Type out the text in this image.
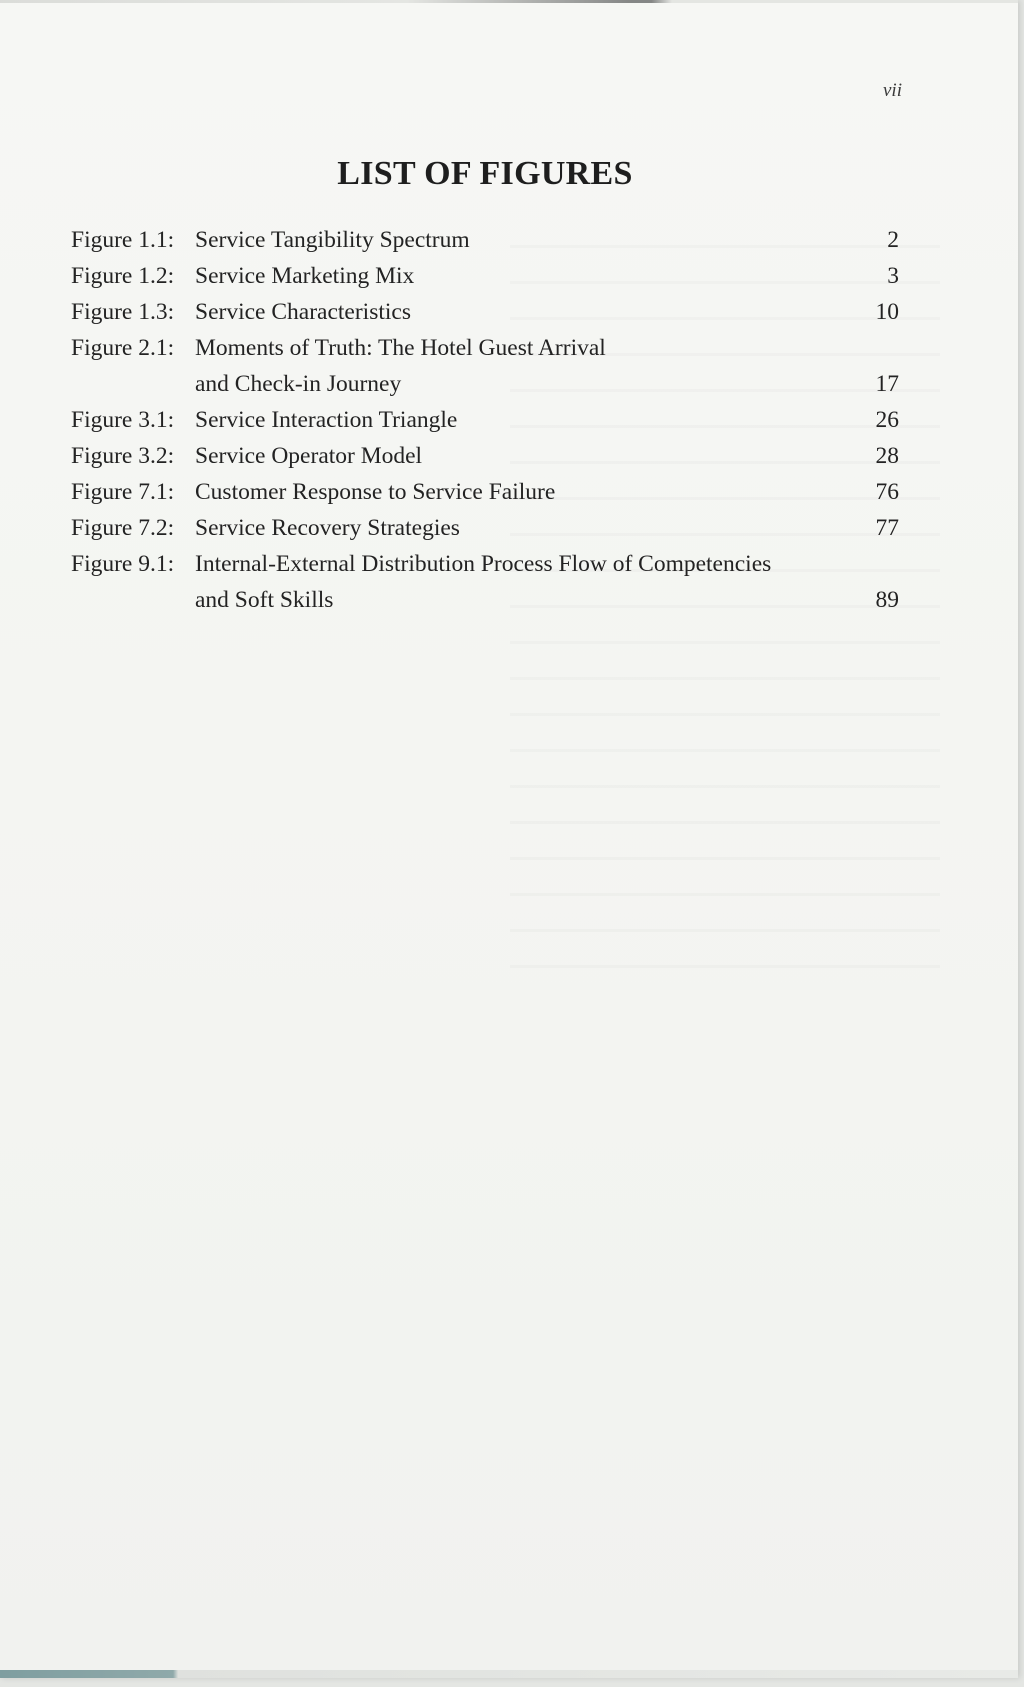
vii
LIST OF FIGURES
Figure 1.1: Service Tangibility Spectrum	2
Figure 1.2: Service Marketing Mix	3
Figure 1.3: Service Characteristics	10
Figure 2.1: Moments of Truth: The Hotel Guest Arrival
and Check-in Journey	17
Figure 3.1: Service Interaction Triangle	26
Figure 3.2: Service Operator Model	28
Figure 7.1: Customer Response to Service Failure	76
Figure 7.2: Service Recovery Strategies	77
Figure 9.1: Internal-External Distribution Process Flow of Competencies
and Soft Skills	89
